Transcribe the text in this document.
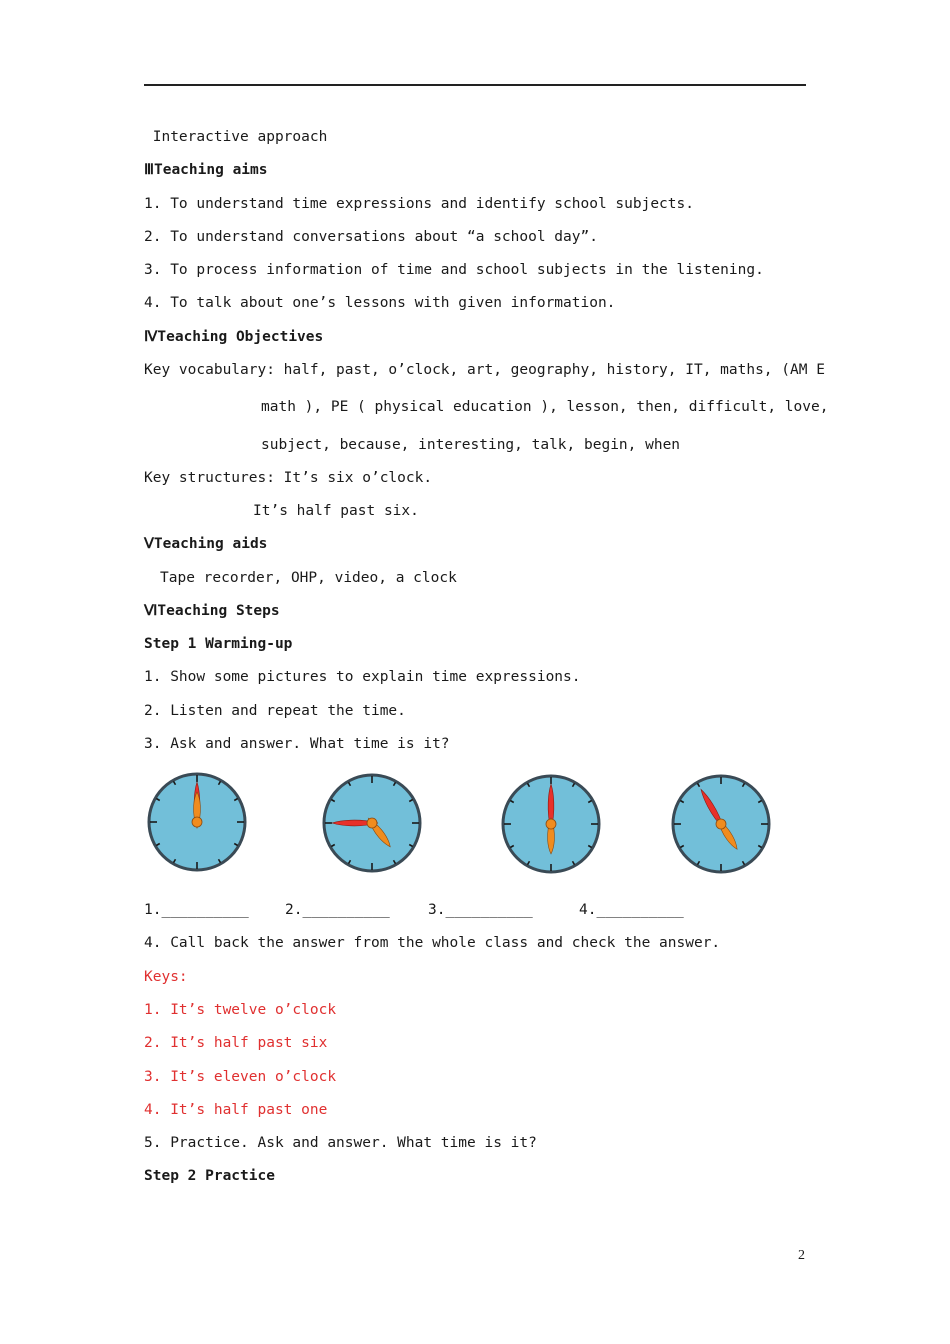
Interactive approach
ⅢTeaching aims
1. To understand time expressions and identify school subjects.
2. To understand conversations about “a school day”.
3. To process information of time and school subjects in the listening.
4. To talk about one’s lessons with given information.
ⅣTeaching Objectives
Key vocabulary: half, past, o’clock, art, geography, history, IT, maths, (AM E
math ), PE ( physical education ), lesson, then, difficult, love,
subject, because, interesting, talk, begin, when
Key structures: It’s six o’clock.
It’s half past six.
ⅤTeaching aids
Tape recorder, OHP, video, a clock
ⅥTeaching Steps
Step 1 Warming-up
1. Show some pictures to explain time expressions.
2. Listen and repeat the time.
3. Ask and answer. What time is it?
1.__________ 2.__________	3.__________	4.__________
4. Call back the answer from the whole class and check the answer.
Keys:
1. It’s twelve o’clock
2. It’s half past six
3. It’s eleven o’clock
4. It’s half past one
5. Practice. Ask and answer. What time is it?
Step 2 Practice
2
